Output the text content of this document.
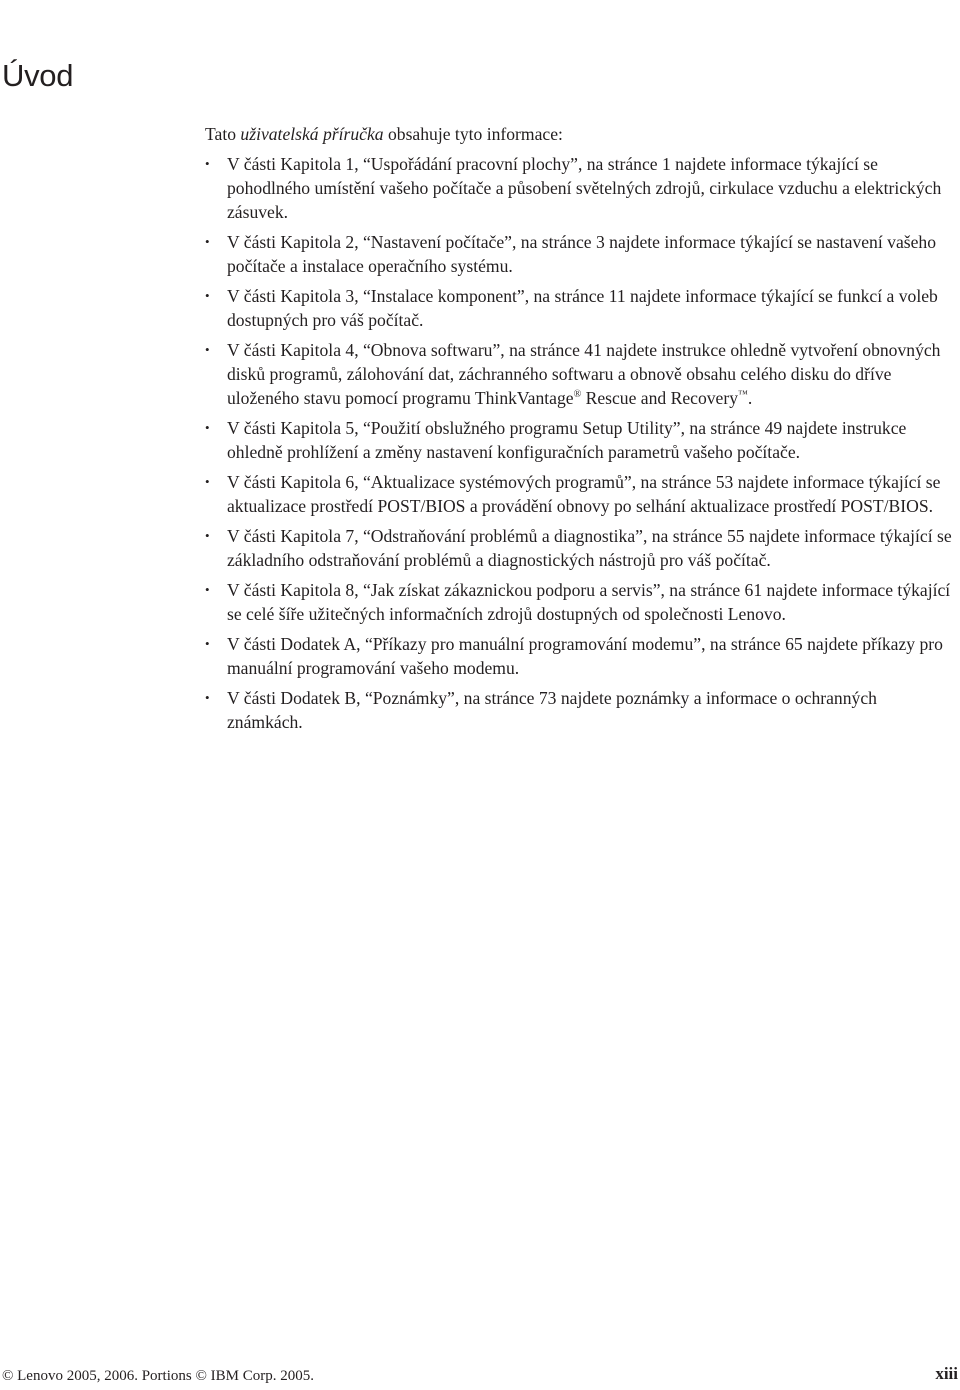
Úvod

Tato uživatelská příručka obsahuje tyto informace:

• V části Kapitola 1, “Uspořádání pracovní plochy”, na stránce 1 najdete informace týkající se pohodlného umístění vašeho počítače a působení světelných zdrojů, cirkulace vzduchu a elektrických zásuvek.
• V části Kapitola 2, “Nastavení počítače”, na stránce 3 najdete informace týkající se nastavení vašeho počítače a instalace operačního systému.
• V části Kapitola 3, “Instalace komponent”, na stránce 11 najdete informace týkající se funkcí a voleb dostupných pro váš počítač.
• V části Kapitola 4, “Obnova softwaru”, na stránce 41 najdete instrukce ohledně vytvoření obnovných disků programů, zálohování dat, záchranného softwaru a obnově obsahu celého disku do dříve uloženého stavu pomocí programu ThinkVantage® Rescue and Recovery™.
• V části Kapitola 5, “Použití obslužného programu Setup Utility”, na stránce 49 najdete instrukce ohledně prohlížení a změny nastavení konfiguračních parametrů vašeho počítače.
• V části Kapitola 6, “Aktualizace systémových programů”, na stránce 53 najdete informace týkající se aktualizace prostředí POST/BIOS a provádění obnovy po selhání aktualizace prostředí POST/BIOS.
• V části Kapitola 7, “Odstraňování problémů a diagnostika”, na stránce 55 najdete informace týkající se základního odstraňování problémů a diagnostických nástrojů pro váš počítač.
• V části Kapitola 8, “Jak získat zákaznickou podporu a servis”, na stránce 61 najdete informace týkající se celé šíře užitečných informačních zdrojů dostupných od společnosti Lenovo.
• V části Dodatek A, “Příkazy pro manuální programování modemu”, na stránce 65 najdete příkazy pro manuální programování vašeho modemu.
• V části Dodatek B, “Poznámky”, na stránce 73 najdete poznámky a informace o ochranných známkách.
© Lenovo 2005, 2006. Portions © IBM Corp. 2005.	xiii
